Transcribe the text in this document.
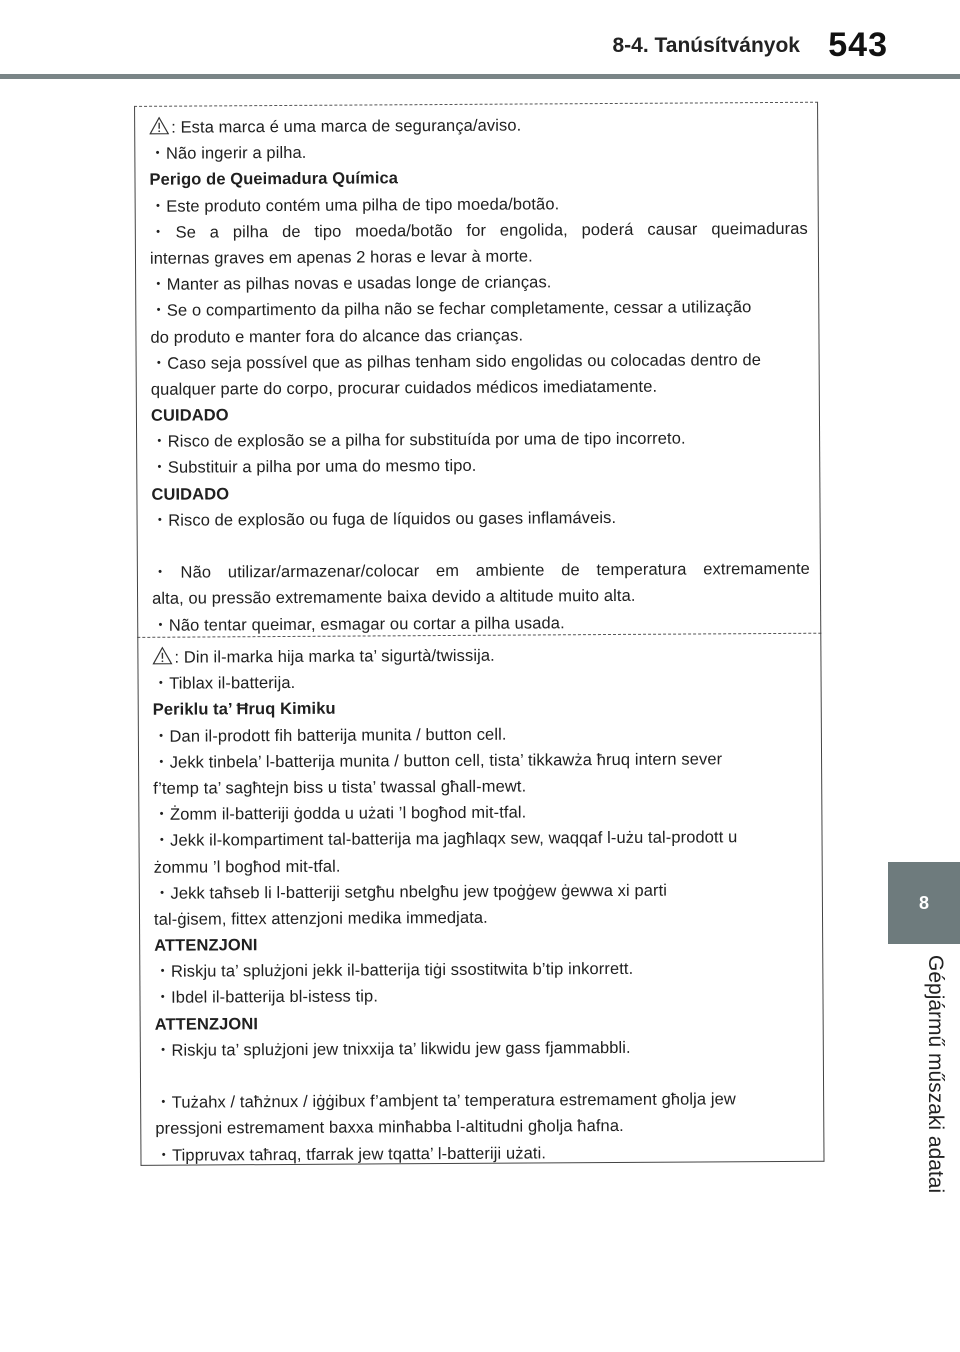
8-4. Tanúsítványok 543
8
Gépjármű műszaki adatai
: Esta marca é uma marca de segurança/aviso.
・Não ingerir a pilha.
Perigo de Queimadura Química
・Este produto contém uma pilha de tipo moeda/botão.
・Se a pilha de tipo moeda/botão for engolida, poderá causar queimaduras
internas graves em apenas 2 horas e levar à morte.
・Manter as pilhas novas e usadas longe de crianças.
・Se o compartimento da pilha não se fechar completamente, cessar a utilização
do produto e manter fora do alcance das crianças.
・Caso seja possível que as pilhas tenham sido engolidas ou colocadas dentro de
qualquer parte do corpo, procurar cuidados médicos imediatamente.
CUIDADO
・Risco de explosão se a pilha for substituída por uma de tipo incorreto.
・Substituir a pilha por uma do mesmo tipo.
CUIDADO
・Risco de explosão ou fuga de líquidos ou gases inflamáveis.
・Não utilizar/armazenar/colocar em ambiente de temperatura extremamente
alta, ou pressão extremamente baixa devido a altitude muito alta.
・Não tentar queimar, esmagar ou cortar a pilha usada.
: Din il-marka hija marka ta’ sigurtà/twissija.
・Tiblax il-batterija.
Periklu ta’ Ħruq Kimiku
・Dan il-prodott fih batterija munita / button cell.
・Jekk tinbela’ l-batterija munita / button cell, tista’ tikkawża ħruq intern sever
f’temp ta’ sagħtejn biss u tista’ twassal għall-mewt.
・Żomm il-batteriji ġodda u użati ’l bogħod mit-tfal.
・Jekk il-kompartiment tal-batterija ma jagħlaqx sew, waqqaf l-użu tal-prodott u
żommu ’l bogħod mit-tfal.
・Jekk taħseb li l-batteriji setgħu nbelgħu jew tpoġġew ġewwa xi parti
tal-ġisem, fittex attenzjoni medika immedjata.
ATTENZJONI
・Riskju ta’ splużjoni jekk il-batterija tiġi ssostitwita b’tip inkorrett.
・Ibdel il-batterija bl-istess tip.
ATTENZJONI
・Riskju ta’ splużjoni jew tnixxija ta’ likwidu jew gass fjammabbli.
・Tużahx / taħżnux / iġġibux f’ambjent ta’ temperatura estremament għolja jew
pressjoni estremament baxxa minħabba l-altitudni għolja ħafna.
・Tippruvax taħraq, tfarrak jew tqatta’ l-batteriji użati.
